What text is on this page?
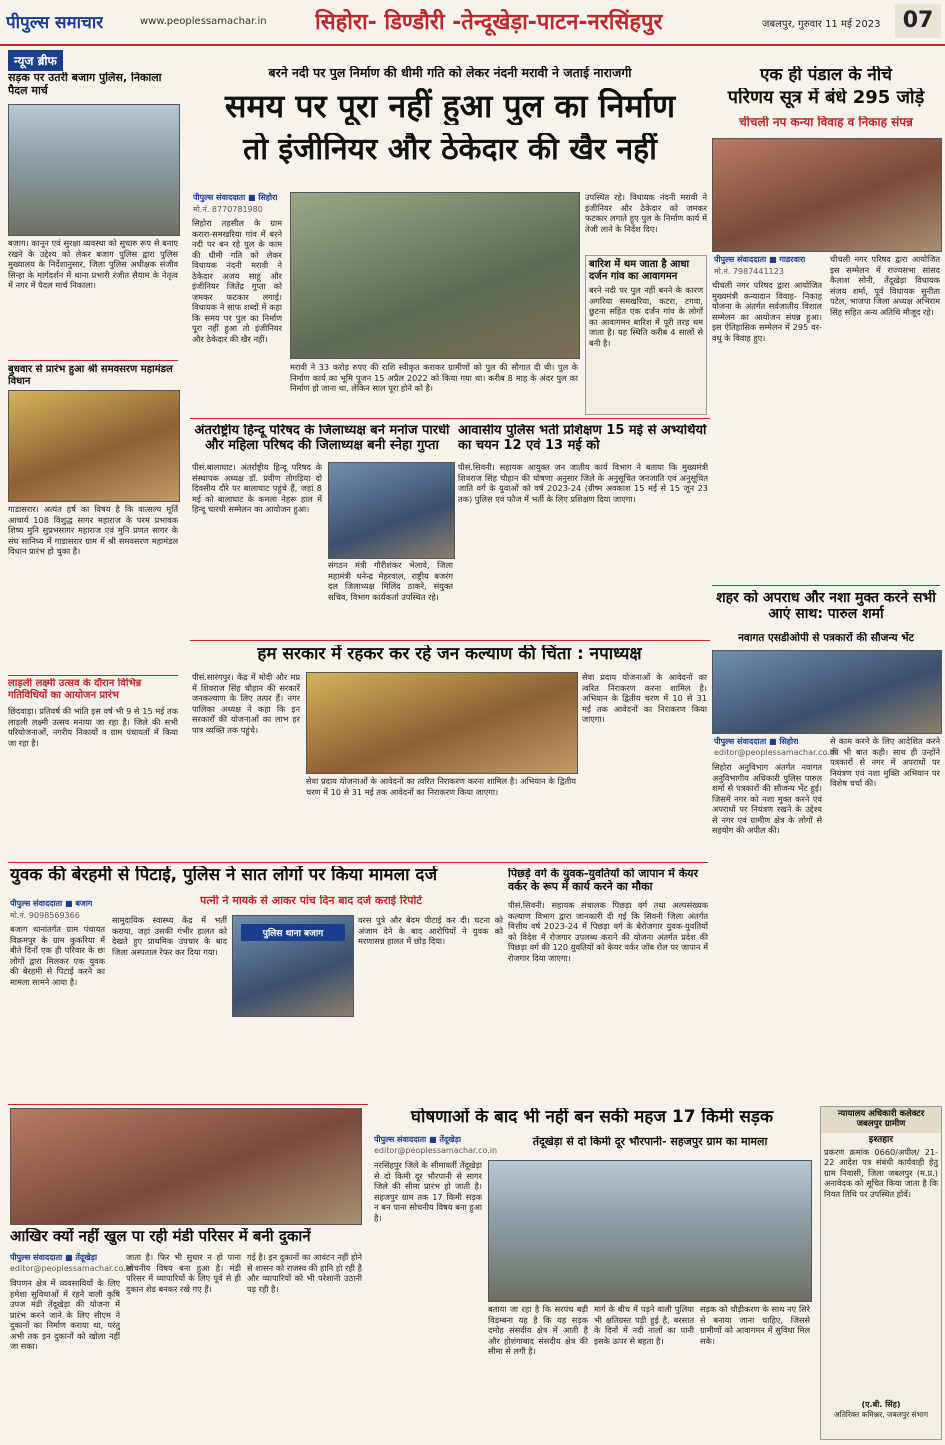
पीपुल्स समाचार	www.peoplessamachar.in सिहोरा- डिण्डौरी -तेन्दूखेड़ा-पाटन-नरसिंहपुर	जबलपुर, गुरुवार 11 मई 2023	07
न्यूज ब्रीफ
सड़क पर उतरी बजाग पुलिस, निकाला पैदल मार्च
बजाग। कानून एवं सुरक्षा व्यवस्था को सुचारु रूप से बनाए रखने के उद्देश्य को लेकर बजाग पुलिस द्वारा पुलिस मुख्यालय के निर्देशानुसार, जिला पुलिस अधीक्षक संजीव सिन्हा के मार्गदर्शन में थाना प्रभारी रंजीत सैयाम के नेतृत्व में नगर में पैदल मार्च निकाला।
बुधवार से प्रारंभ हुआ श्री समवसरण महामंडल विधान
गाडासरार। अत्यंत हर्ष का विषय है कि वात्सल्य मूर्ति आचार्य 108 विशुद्ध सागर महाराज के परम प्रभावक शिष्य मुनि सुप्रभसागर महाराज एवं मुनि प्रणत सागर के संघ सानिध्य में गाडासरार ग्राम में श्री समवसरण महामंडल विधान प्रारंभ हो चुका है।
लाड़ली लक्ष्मी उत्सव के दौरान विभिन्न गतिविधियों का आयोजन प्रारंभ
छिंदवाड़ा। प्रतिवर्ष की भांति इस वर्ष भी 9 से 15 मई तक लाड़ली लक्ष्मी उत्सव मनाया जा रहा है। जिले की सभी परियोजनाओं, नगरीय निकायों व ग्राम पंचायतों में किया जा रहा है।
बरने नदी पर पुल निर्माण की धीमी गति को लेकर नंदनी मरावी ने जताई नाराजगी
समय पर पूरा नहीं हुआ पुल का निर्माण
तो इंजीनियर और ठेकेदार की खैर नहीं
पीपुल्स संवाददाता ■ सिहोरा
मो.नं. 8770781980
सिहोरा तहसील के ग्राम करारा-समखरिया गांव में बरने नदी पर बन रहे पुल के काम की धीमी गति को लेकर विधायक नंदनी मरावी ने ठेकेदार अजय साहू और इंजीनियर जितेंद्र गुप्ता को जमकर फटकार लगाई। विधायक ने साफ शब्दों में कहा कि समय पर पुल का निर्माण पूरा नहीं हुआ तो इंजीनियर और ठेकेदार की खैर नहीं।
मरावी ने 33 करोड़ रुपए की राशि स्वीकृत कराकर ग्रामीणों को पुल की सौगात दी थी। पुल के निर्माण कार्य का भूमि पूजन 15 अप्रैल 2022 को किया गया था। करीब 8 माह के अंदर पुल का निर्माण हो जाना था, लेकिन साल पूरा होने को है।
उपस्थित रहे। विधायक नंदनी मरावी ने इंजीनियर और ठेकेदार को जमकर फटकार लगाते हुए पुल के निर्माण कार्य में तेजी लाने के निर्देश दिए।
बारिश में थम जाता है आधा दर्जन गांव का आवागमन
बरने नदी पर पुल नहीं बनने के कारण अगरिया समखरिया, कटरा, टगवा, छुटना सहित एक दर्जन गांव के लोगों का आवागमन बारिश में पूरी तरह थम जाता है। यह स्थिति करीब 4 सालों से बनी है।
एक ही पंडाल के नीचे
परिणय सूत्र में बंधे 295 जोड़े
चीचली नप कन्या विवाह व निकाह संपन्न
पीपुल्स संवाददाता ■ गाडरवारा
मो.नं. 7987441123
चीचली नगर परिषद द्वारा आयोजित मुख्यमंत्री कन्यादान विवाह- निकाह योजना के अंतर्गत सर्वजातीय विशाल सम्मेलन का आयोजन संपन्न हुआ। इस ऐतिहासिक सम्मेलन में 295 वर-वधु के विवाह हुए।
चीचली नगर परिषद द्वारा आयोजित इस सम्मेलन में राज्यसभा सांसद कैलाश सोनी, तेंदूखेड़ा विधायक संजय शर्मा, पूर्व विधायक सुनीता पटेल, भाजपा जिला अध्यक्ष अभिराम सिंह सहित अन्य अतिथि मौजूद रहे।
अंतर्राष्ट्रीय हिन्दू परिषद के जिलाध्यक्ष बने मनोज पारधी और महिला परिषद की जिलाध्यक्ष बनी स्नेहा गुप्ता
पीसं.बालाघाट। अंतर्राष्ट्रीय हिन्दू परिषद के संस्थापक अध्यक्ष डॉ. प्रवीण तोगड़िया दो दिवसीय दौरे पर बालाघाट पहुंचे हैं, जहां 8 मई को बालाघाट के कमला नेहरू हाल में हिन्दू चारधी सम्मेलन का आयोजन हुआ।
संगठन मंत्री गौरीशंकर भेलावे, जिला महामंत्री धनेन्द्र मेहरवाल, राष्ट्रीय बजरंग दल जिलाध्यक्ष मिलिंद ठाकरे, संयुक्त सचिव, विभाग कार्यकर्ता उपस्थित रहे।
आवासीय पुलिस भर्ती प्रशिक्षण 15 मई से अभ्यर्थियों का चयन 12 एवं 13 मई को
पीसं.सिवनी। सहायक आयुक्त जन जातीय कार्य विभाग ने बताया कि मुख्यमंत्री शिवराज सिंह चौहान की घोषणा अनुसार जिले के अनुसूचित जनजाति एवं अनुसूचित जाति वर्ग के युवाओं को वर्ष 2023-24 (ग्रीष्म अवकाश 15 मई से 15 जून 23 तक) पुलिस एवं फौज में भर्ती के लिए प्रशिक्षण दिया जाएगा।
शहर को अपराध और नशा मुक्त करने सभी आएं साथ: पारुल शर्मा
नवागत एसडीओपी से पत्रकारों की सौजन्य भेंट
पीपुल्स संवाददाता ■ सिहोरा
editor@peoplessamachar.co.in
सिहोरा अनुविभाग अंतर्गत नवागत अनुविभागीय अधिकारी पुलिस पारुल शर्मा से पत्रकारों की सौजन्य भेंट हुई। जिसमें नगर को नशा मुक्त करने एवं अपराधों पर नियंत्रण रखने के उद्देश्य से नगर एवं ग्रामीण क्षेत्र के लोगों से सहयोग की अपील की।
से काम करने के लिए आदेशित करने की भी बात कही। साथ ही उन्होंने पत्रकारों से नगर में अपराधों पर नियंत्रण एवं नशा मुक्ति अभियान पर विशेष चर्चा की।
हम सरकार में रहकर कर रहे जन कल्याण की चिंता : नपाध्यक्ष
पीसं.सारंगपुर। केंद्र में मोदी और मप्र में शिवराज सिंह चौहान की सरकारें जनकल्याण के लिए तत्पर हैं। नगर पालिका अध्यक्ष ने कहा कि इन सरकारों की योजनाओं का लाभ हर पात्र व्यक्ति तक पहुंचे।
सेवा प्रदाय योजनाओं के आवेदनों का त्वरित निराकरण करना शामिल है। अभियान के द्वितीय चरण में 10 से 31 मई तक आवेदनों का निराकरण किया जाएगा।
सेवा प्रदाय योजनाओं के आवेदनों का त्वरित निराकरण करना शामिल है। अभियान के द्वितीय चरण में 10 से 31 मई तक आवेदनों का निराकरण किया जाएगा।
युवक की बेरहमी से पिटाई, पुलिस ने सात लोगों पर किया मामला दर्ज
पत्नी ने मायके से आकर पांच दिन बाद दर्ज कराई रिपोर्ट
पीपुल्स संवाददाता ■ बजाग
मो.नं. 9098569366
बजाग थानांतर्गत ग्राम पंचायत विक्रमपुर के ग्राम कुकरिया में बीते दिनों एक ही परिवार के छः लोगों द्वारा मिलकर एक युवक की बेरहमी से पिटाई करने का मामला सामने आया है।
सामुदायिक स्वास्थ्य केंद्र में भर्ती कराया, जहां उसकी गंभीर हालत को देखते हुए प्राथमिक उपचार के बाद जिला अस्पताल रेफर कर दिया गया।
पुलिस थाना बजाग
वरस पुत्रे और बेदम पीटाई कर दी। घटना को अंजाम देने के बाद आरोपियों ने युवक को मरणासन्न हालत में छोड़ दिया।
पिछड़े वर्ग के युवक-युवतियों को जापान में केयर वर्कर के रूप में कार्य करने का मौका
पीसं.सिवनी। सहायक संचालक पिछड़ा वर्ग तथा अल्पसंख्यक कल्याण विभाग द्वारा जानकारी दी गई कि सिवनी जिला अंतर्गत वित्तीय वर्ष 2023-24 में पिछड़ा वर्ग के बेरोजगार युवक-युवतियों को विदेश में रोजगार उपलब्ध कराने की योजना अंतर्गत प्रदेश की पिछड़ा वर्ग की 120 युवतियों को केयर वर्कर जॉब रोल पर जापान में रोजगार दिया जाएगा।
आखिर क्यों नहीं खुल पा रही मंडी परिसर में बनी दुकानें
पीपुल्स संवाददाता ■ तेंदूखेड़ा
editor@peoplessamachar.co.in
विपणन क्षेत्र में व्यवसायियों के लिए हमेशा सुविधाओं में रहने वाली कृषि उपज मंडी तेंदूखेड़ा की योजना में प्रारंभ करने जाने के लिए सीएम ने दुकानों का निर्माण कराया था, परंतु अभी तक इन दुकानों को खोला नहीं जा सका।
जाता है। फिर भी सुधार न हो पाना सोचनीय विषय बना हुआ है। मंडी परिसर में व्यापारियों के लिए पूर्व से ही दुकान शेड बनकर रखे गए हैं।
गई है। इन दुकानों का आवंटन नहीं होने से शासन को राजस्व की हानि हो रही है और व्यापारियों को भी परेशानी उठानी पड़ रही है।
घोषणाओं के बाद भी नहीं बन सकी महज 17 किमी सड़क
पीपुल्स संवाददाता ■ तेंदूखेड़ा
editor@peoplessamachar.co.in
तेंदूखेड़ा से दो किमी दूर भौरपानी- सहजपुर ग्राम का मामला
नरसिंहपुर जिले के सीमावर्ती तेंदूखेड़ा से दो किमी दूर भौरपानी से सागर जिले की सीमा प्रारंभ हो जाती है। सहजपुर ग्राम तक 17 किमी सड़क न बन पाना सोचनीय विषय बना हुआ है।
बताया जा रहा है कि सरपंच बड़ी विडम्बना यह है कि यह सड़क दमोह संसदीय क्षेत्र में आती है और होशंगाबाद संसदीय क्षेत्र की सीमा से लगी है।
मार्ग के बीच में पड़ने वाली पुलिया भी क्षतिग्रस्त पड़ी हुई है, बरसात के दिनों में नदी नालों का पानी इसके ऊपर से बहता है।
सड़क को चौड़ीकरण के साथ नए सिरे से बनाया जाना चाहिए, जिससे ग्रामीणों को आवागमन में सुविधा मिल सके।
न्यायालय अधिकारी कलेक्टर जबलपुर ग्रामीण
इश्तहार
प्रकरण क्रमांक 0660/अपील/ 21-22 आदेश पत्र संबंधी कार्यवाही हेतु ग्राम निवासी, जिला जबलपुर (म.प्र.) अनावेदक को सूचित किया जाता है कि नियत तिथि पर उपस्थित होवें।
(ए.बी. सिंह)
अतिरिक्त कमिश्नर, जबलपुर संभाग
